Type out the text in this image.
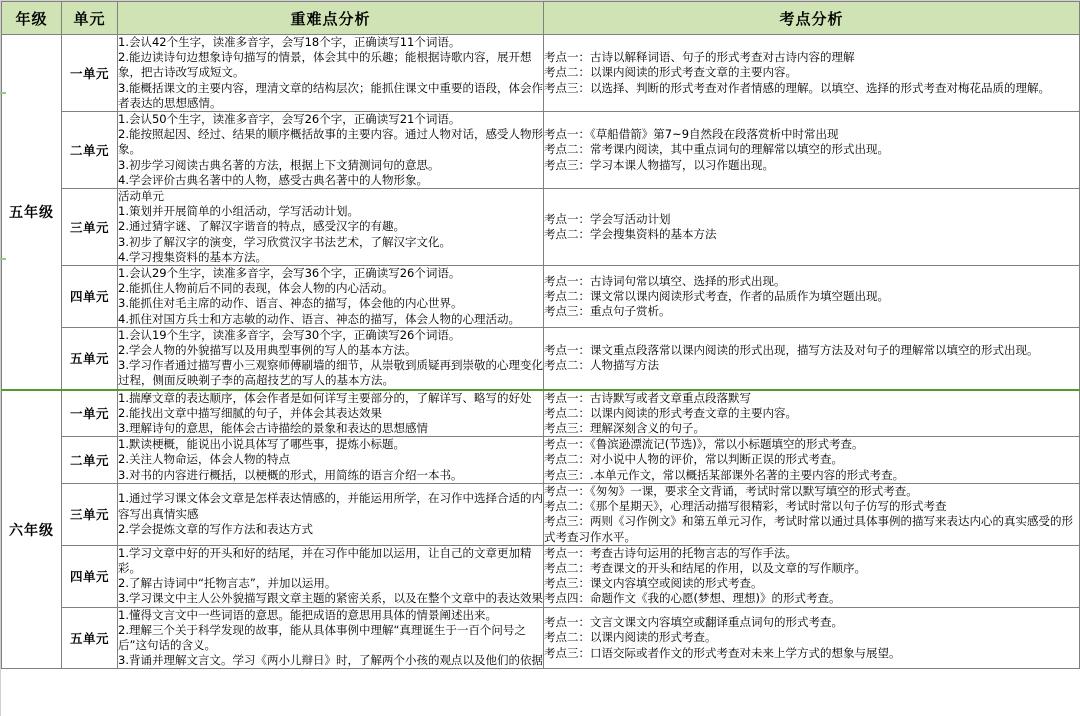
年级	单元	重难点分析	考点分析
五年级	一单元	1.会认42个生字，读准多音字，会写18个字，正确读写11个词语。
2.能边读诗句边想象诗句描写的情景，体会其中的乐趣；能根据诗歌内容，展开想象，把古诗改写成短文。
3.能概括课文的主要内容，理清文章的结构层次；能抓住课文中重要的语段，体会作者表达的思想感情。	考点一：古诗以解释词语、句子的形式考查对古诗内容的理解
考点二：以课内阅读的形式考查文章的主要内容。
考点三：以选择、判断的形式考查对作者情感的理解。以填空、选择的形式考查对梅花品质的理解。

	二单元	1.会认50个生字，读准多音字，会写26个字，正确读写21个词语。
2.能按照起因、经过、结果的顺序概括故事的主要内容。通过人物对话，感受人物形象。
3.初步学习阅读古典名著的方法，根据上下文猜测词句的意思。
4.学会评价古典名著中的人物，感受古典名著中的人物形象。	考点一：《草船借箭》第7~9自然段在段落赏析中时常出现
考点二：常考课内阅读，其中重点词句的理解常以填空的形式出现。
考点三：学习本课人物描写，以习作题出现。

	三单元	活动单元
1.策划并开展简单的小组活动，学写活动计划。
2.通过猜字谜、了解汉字谐音的特点，感受汉字的有趣。
3.初步了解汉字的演变，学习欣赏汉字书法艺术，了解汉字文化。
4.学习搜集资料的基本方法。	考点一：学会写活动计划
考点二：学会搜集资料的基本方法

	四单元	1.会认29个生字，读准多音字，会写36个字，正确读写26个词语。
2.能抓住人物前后不同的表现，体会人物的内心活动。
3.能抓住对毛主席的动作、语言、神态的描写，体会他的内心世界。
4.抓住对国方兵士和方志敏的动作、语言、神态的描写，体会人物的心理活动。	考点一：古诗词句常以填空、选择的形式出现。
考点二：课文常以课内阅读形式考查，作者的品质作为填空题出现。
考点三：重点句子赏析。

	五单元	1.会认19个生字，读准多音字，会写30个字，正确读写26个词语。
2.学会人物的外貌描写以及用典型事例的写人的基本方法。
3.学习作者通过描写曹小三观察师傅刷墙的细节，从崇敬到质疑再到崇敬的心理变化过程，侧面反映剃子李的高超技艺的写人的基本方法。	考点一：课文重点段落常以课内阅读的形式出现，描写方法及对句子的理解常以填空的形式出现。
考点二：人物描写方法

六年级	一单元	1.揣摩文章的表达顺序，体会作者是如何详写主要部分的，了解详写、略写的好处
2.能找出文章中描写细腻的句子，并体会其表达效果
3.理解诗句的意思，能体会古诗描绘的景象和表达的思想感情	考点一：古诗默写或者文章重点段落默写
考点二：以课内阅读的形式考查文章的主要内容。
考点三：理解深刻含义的句子。

	二单元	1.默读梗概，能说出小说具体写了哪些事，提炼小标题。
2.关注人物命运，体会人物的特点
3.对书的内容进行概括，以梗概的形式，用简练的语言介绍一本书。	考点一：《鲁滨逊漂流记(节选)》，常以小标题填空的形式考查。
考点二：对小说中人物的评价，常以判断正误的形式考查。
考点三：.本单元作文，常以概括某部课外名著的主要内容的形式考查。

	三单元	1.通过学习课文体会文章是怎样表达情感的，并能运用所学，在习作中选择合适的内容写出真情实感
2.学会提炼文章的写作方法和表达方式	考点一：《匆匆》一课，要求全文背诵，考试时常以默写填空的形式考查。
考点二：《那个星期天》，心理活动描写很精彩，考试时常以句子仿写的形式考查
考点三：两则《习作例文》和第五单元习作，考试时常以通过具体事例的描写来表达内心的真实感受的形式考查习作水平。

	四单元	1.学习文章中好的开头和好的结尾，并在习作中能加以运用，让自己的文章更加精彩。
2.了解古诗词中“托物言志”，并加以运用。
3.学习课文中主人公外貌描写跟文章主题的紧密关系，以及在整个文章中的表达效果	考点一：考查古诗句运用的托物言志的写作手法。
考点二：考查课文的开头和结尾的作用，以及文章的写作顺序。
考点三：课文内容填空或阅读的形式考查。
考点四：命题作文《我的心愿(梦想、理想)》的形式考查。

	五单元	1.懂得文言文中一些词语的意思。能把成语的意思用具体的情景阐述出来。
2.理解三个关于科学发现的故事，能从具体事例中理解“真理诞生于一百个问号之后”这句话的含义。
3.背诵并理解文言文。学习《两小儿辩日》时，了解两个小孩的观点以及他们的依据	考点一：文言文课文内容填空或翻译重点词句的形式考查。
考点二：以课内阅读的形式考查。
考点三：口语交际或者作文的形式考查对未来上学方式的想象与展望。
